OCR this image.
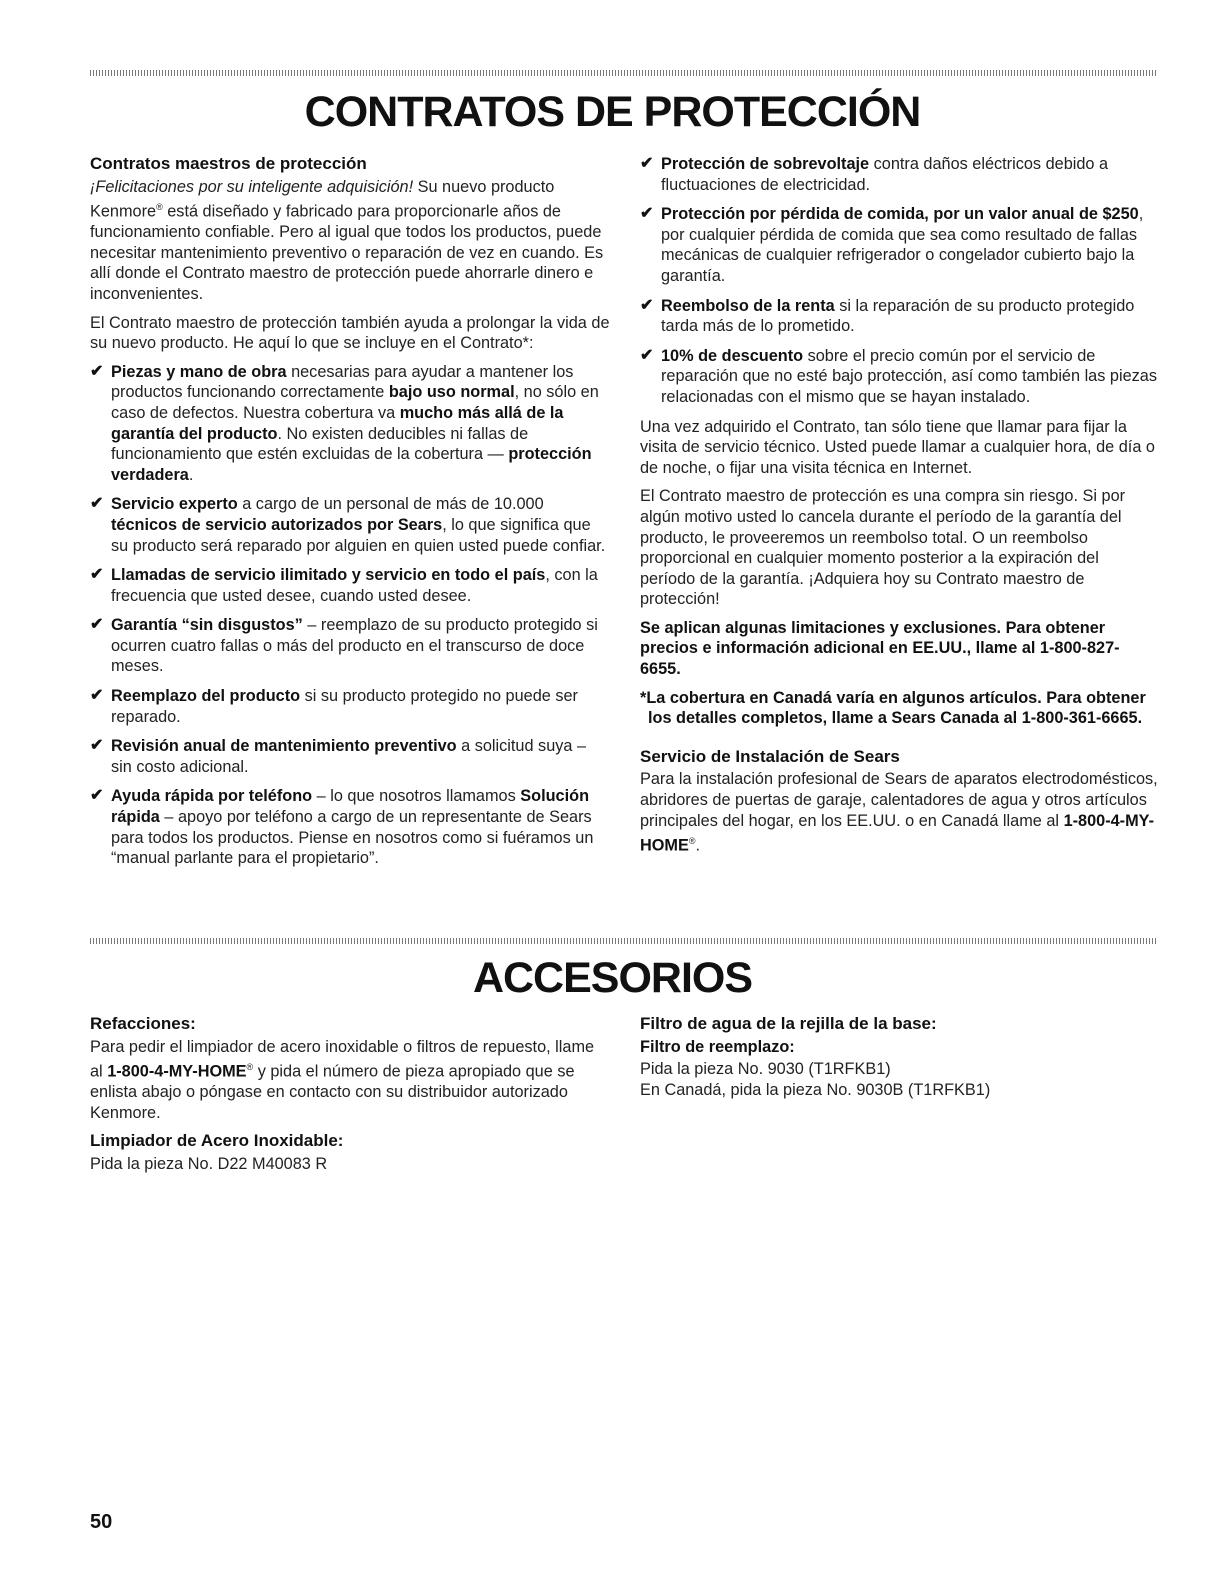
CONTRATOS DE PROTECCIÓN
Contratos maestros de protección

¡Felicitaciones por su inteligente adquisición! Su nuevo producto Kenmore® está diseñado y fabricado para proporcionarle años de funcionamiento confiable. Pero al igual que todos los productos, puede necesitar mantenimiento preventivo o reparación de vez en cuando. Es allí donde el Contrato maestro de protección puede ahorrarle dinero e inconvenientes.

El Contrato maestro de protección también ayuda a prolongar la vida de su nuevo producto. He aquí lo que se incluye en el Contrato*:

✔ Piezas y mano de obra necesarias para ayudar a mantener los productos funcionando correctamente bajo uso normal, no sólo en caso de defectos. Nuestra cobertura va mucho más allá de la garantía del producto. No existen deducibles ni fallas de funcionamiento que estén excluidas de la cobertura — protección verdadera.
✔ Servicio experto a cargo de un personal de más de 10.000 técnicos de servicio autorizados por Sears, lo que significa que su producto será reparado por alguien en quien usted puede confiar.
✔ Llamadas de servicio ilimitado y servicio en todo el país, con la frecuencia que usted desee, cuando usted desee.
✔ Garantía “sin disgustos” – reemplazo de su producto protegido si ocurren cuatro fallas o más del producto en el transcurso de doce meses.
✔ Reemplazo del producto si su producto protegido no puede ser reparado.
✔ Revisión anual de mantenimiento preventivo a solicitud suya – sin costo adicional.
✔ Ayuda rápida por teléfono – lo que nosotros llamamos Solución rápida – apoyo por teléfono a cargo de un representante de Sears para todos los productos. Piense en nosotros como si fuéramos un “manual parlante para el propietario”.
✔ Protección de sobrevoltaje contra daños eléctricos debido a fluctuaciones de electricidad.
✔ Protección por pérdida de comida, por un valor anual de $250, por cualquier pérdida de comida que sea como resultado de fallas mecánicas de cualquier refrigerador o congelador cubierto bajo la garantía.
✔ Reembolso de la renta si la reparación de su producto protegido tarda más de lo prometido.
✔ 10% de descuento sobre el precio común por el servicio de reparación que no esté bajo protección, así como también las piezas relacionadas con el mismo que se hayan instalado.

Una vez adquirido el Contrato, tan sólo tiene que llamar para fijar la visita de servicio técnico. Usted puede llamar a cualquier hora, de día o de noche, o fijar una visita técnica en Internet.

El Contrato maestro de protección es una compra sin riesgo. Si por algún motivo usted lo cancela durante el período de la garantía del producto, le proveeremos un reembolso total. O un reembolso proporcional en cualquier momento posterior a la expiración del período de la garantía. ¡Adquiera hoy su Contrato maestro de protección!

Se aplican algunas limitaciones y exclusiones. Para obtener precios e información adicional en EE.UU., llame al 1-800-827-6655.

*La cobertura en Canadá varía en algunos artículos. Para obtener los detalles completos, llame a Sears Canada al 1-800-361-6665.

Servicio de Instalación de Sears

Para la instalación profesional de Sears de aparatos electrodomésticos, abridores de puertas de garaje, calentadores de agua y otros artículos principales del hogar, en los EE.UU. o en Canadá llame al 1-800-4-MY-HOME®.

ACCESORIOS
Refacciones:

Para pedir el limpiador de acero inoxidable o filtros de repuesto, llame al 1-800-4-MY-HOME® y pida el número de pieza apropiado que se enlista abajo o póngase en contacto con su distribuidor autorizado Kenmore.

Limpiador de Acero Inoxidable:

Pida la pieza No. D22 M40083 R

Filtro de agua de la rejilla de la base:
Filtro de reemplazo:
Pida la pieza No. 9030 (T1RFKB1)
En Canadá, pida la pieza No. 9030B (T1RFKB1)
50
